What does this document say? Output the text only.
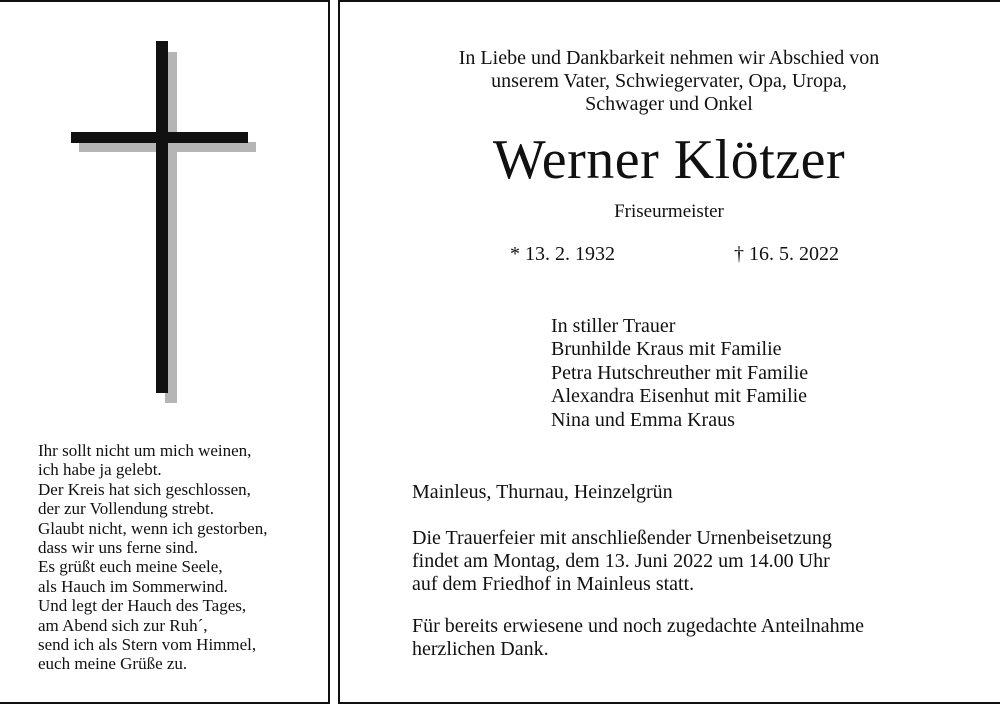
Ihr sollt nicht um mich weinen,
ich habe ja gelebt.
Der Kreis hat sich geschlossen,
der zur Vollendung strebt.
Glaubt nicht, wenn ich gestorben,
dass wir uns ferne sind.
Es grüßt euch meine Seele,
als Hauch im Sommerwind.
Und legt der Hauch des Tages,
am Abend sich zur Ruh´,
send ich als Stern vom Himmel,
euch meine Grüße zu.
In Liebe und Dankbarkeit nehmen wir Abschied von
unserem Vater, Schwiegervater, Opa, Uropa,
Schwager und Onkel
Werner Klötzer
Friseurmeister
* 13. 2. 1932	† 16. 5. 2022
In stiller Trauer
Brunhilde Kraus mit Familie
Petra Hutschreuther mit Familie
Alexandra Eisenhut mit Familie
Nina und Emma Kraus
Mainleus, Thurnau, Heinzelgrün
Die Trauerfeier mit anschließender Urnenbeisetzung
findet am Montag, dem 13. Juni 2022 um 14.00 Uhr
auf dem Friedhof in Mainleus statt.
Für bereits erwiesene und noch zugedachte Anteilnahme
herzlichen Dank.
